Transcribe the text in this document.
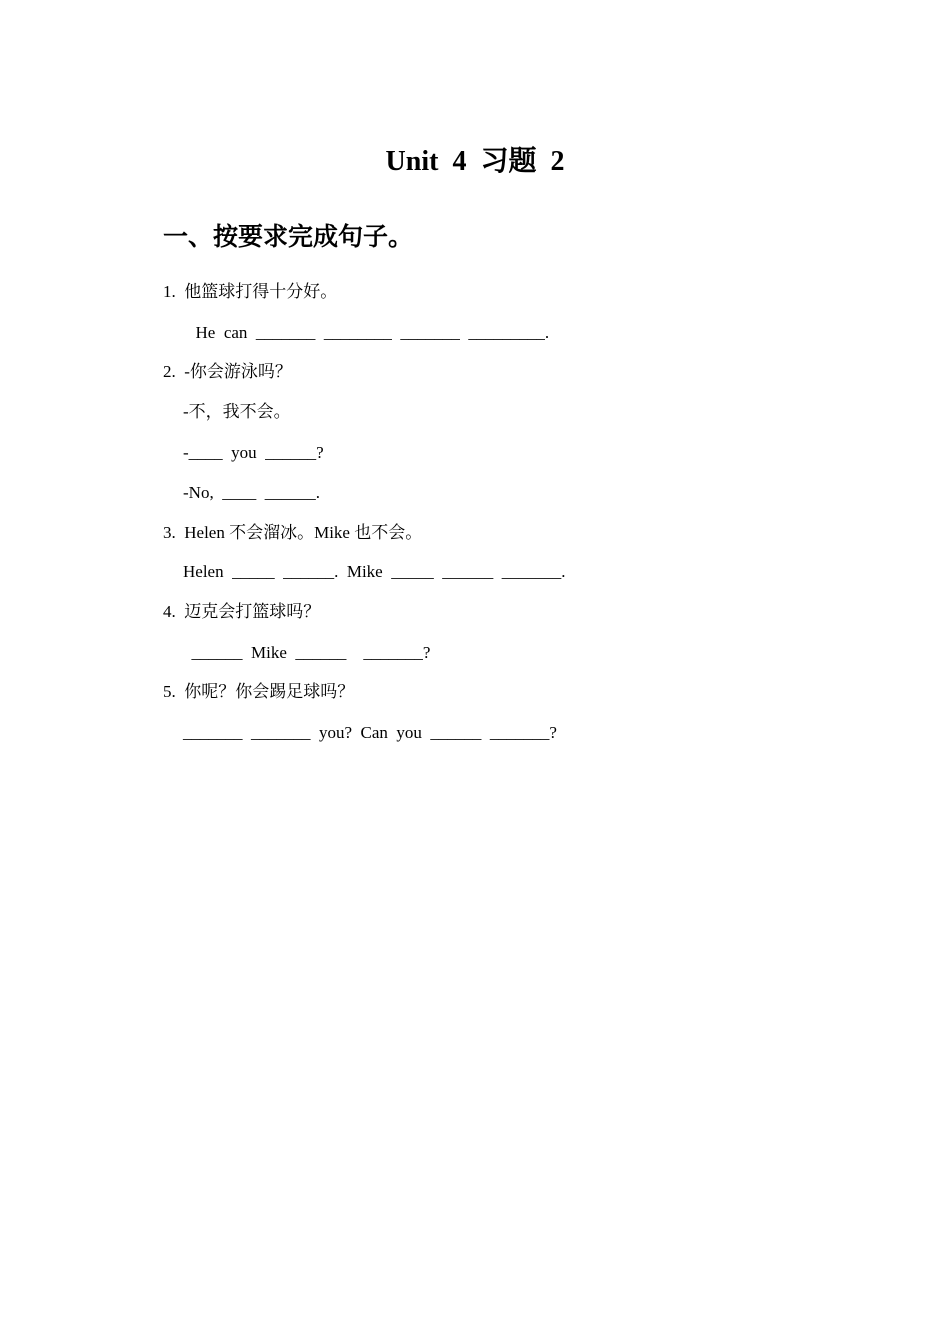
Unit  4  习题  2
一、按要求完成句子。
1.  他篮球打得十分好。
He  can  _______  ________  _______  _________.
2.  -你会游泳吗？
-不，我不会。
-____  you  ______?
-No,  ____  ______.
3.  Helen 不会溜冰。Mike 也不会。
Helen  _____  ______.  Mike  _____  ______  _______.
4.  迈克会打篮球吗？
______  Mike  ______    _______?
5.  你呢？你会踢足球吗？
_______  _______  you?  Can  you  ______  _______?
